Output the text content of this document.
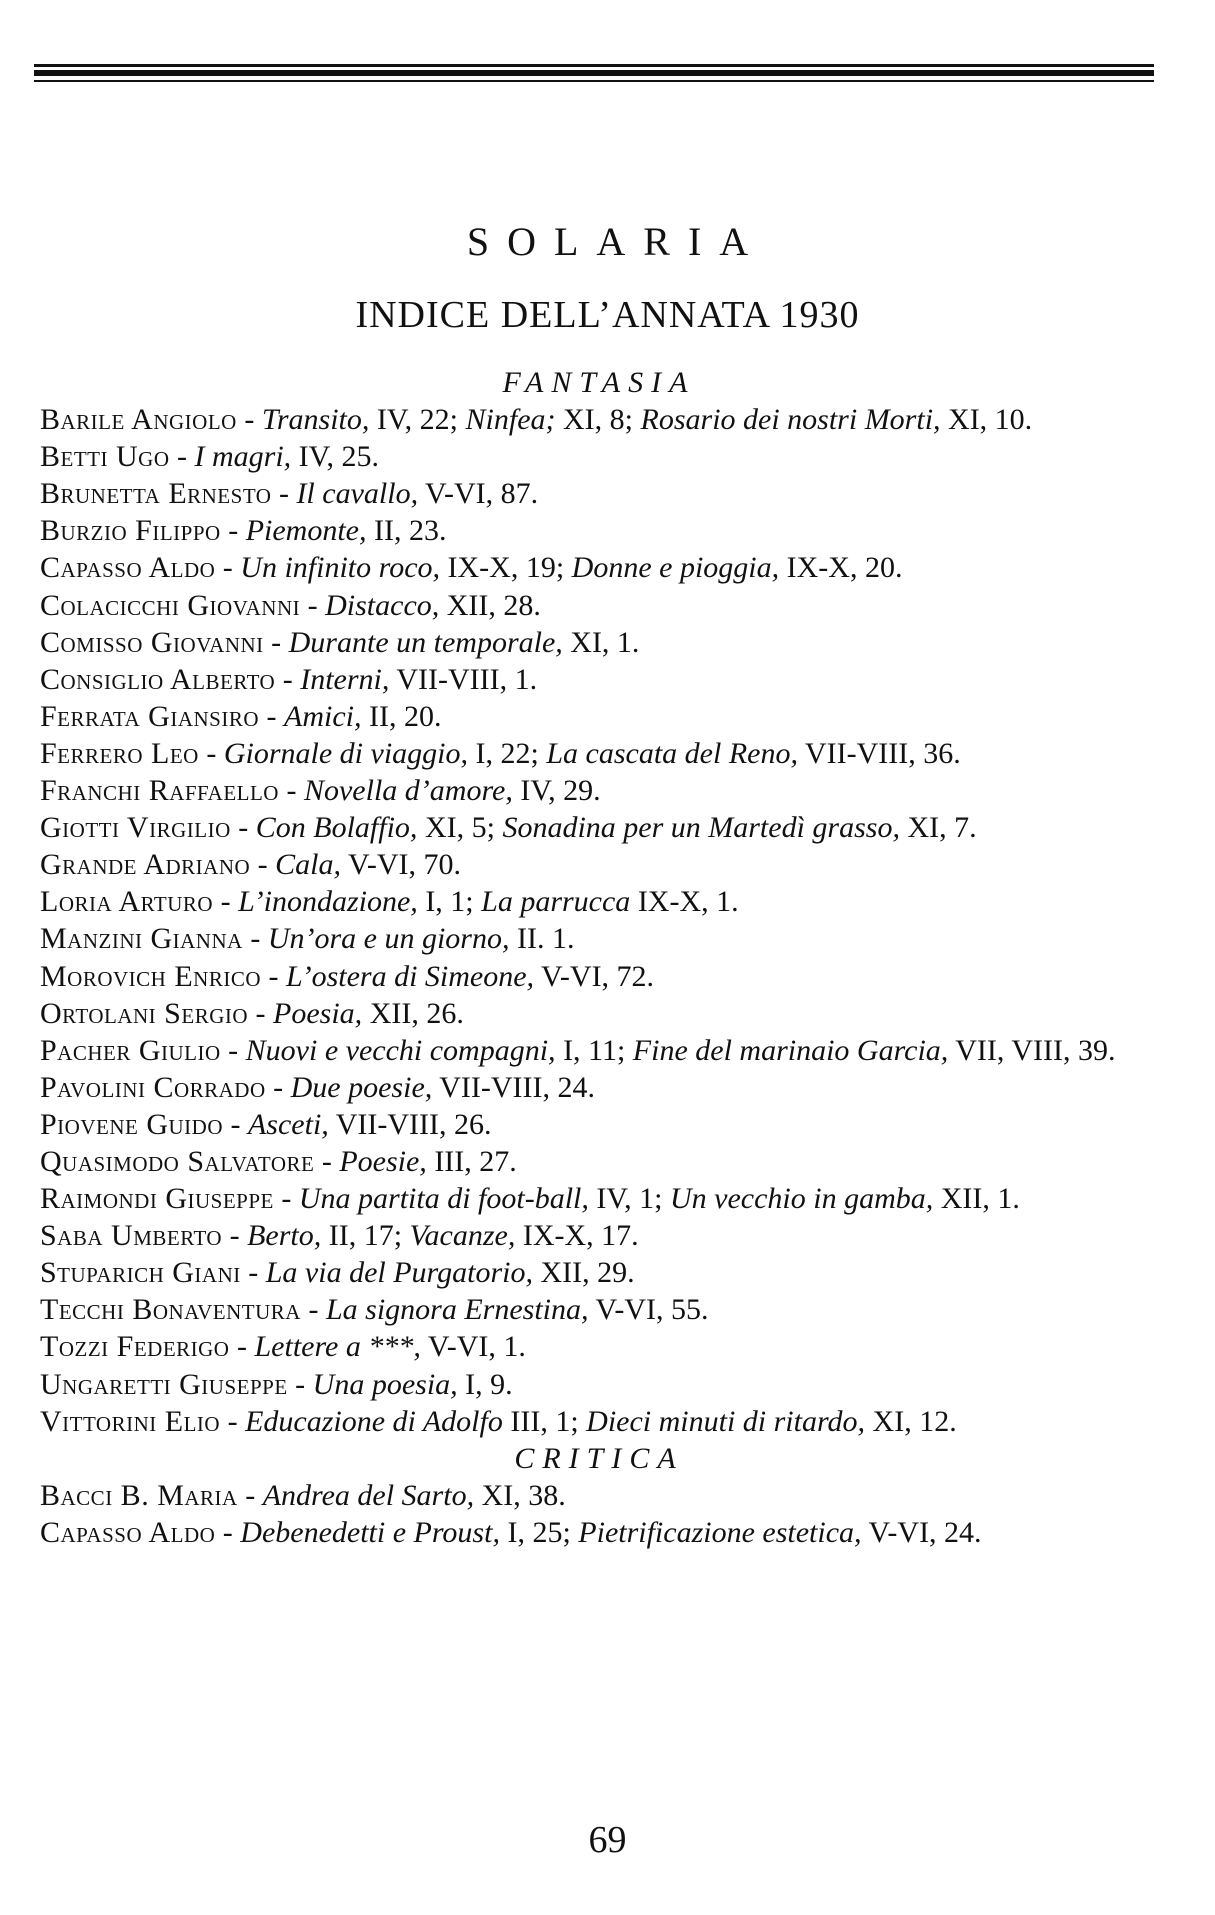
SOLARIA
INDICE DELL’ANNATA 1930
FANTASIA
Barile Angiolo - Transito, IV, 22; Ninfea; XI, 8; Rosario dei nostri Morti, XI, 10.
Betti Ugo - I magri, IV, 25.
Brunetta Ernesto - Il cavallo, V-VI, 87.
Burzio Filippo - Piemonte, II, 23.
Capasso Aldo - Un infinito roco, IX-X, 19; Donne e pioggia, IX-X, 20.
Colacicchi Giovanni - Distacco, XII, 28.
Comisso Giovanni - Durante un temporale, XI, 1.
Consiglio Alberto - Interni, VII-VIII, 1.
Ferrata Giansiro - Amici, II, 20.
Ferrero Leo - Giornale di viaggio, I, 22; La cascata del Reno, VII-VIII, 36.
Franchi Raffaello - Novella d’amore, IV, 29.
Giotti Virgilio - Con Bolaffio, XI, 5; Sonadina per un Martedì grasso, XI, 7.
Grande Adriano - Cala, V-VI, 70.
Loria Arturo - L’inondazione, I, 1; La parrucca IX-X, 1.
Manzini Gianna - Un’ora e un giorno, II. 1.
Morovich Enrico - L’ostera di Simeone, V-VI, 72.
Ortolani Sergio - Poesia, XII, 26.
Pacher Giulio - Nuovi e vecchi compagni, I, 11; Fine del marinaio Garcia, VII, VIII, 39.
Pavolini Corrado - Due poesie, VII-VIII, 24.
Piovene Guido - Asceti, VII-VIII, 26.
Quasimodo Salvatore - Poesie, III, 27.
Raimondi Giuseppe - Una partita di foot-ball, IV, 1; Un vecchio in gamba, XII, 1.
Saba Umberto - Berto, II, 17; Vacanze, IX-X, 17.
Stuparich Giani - La via del Purgatorio, XII, 29.
Tecchi Bonaventura - La signora Ernestina, V-VI, 55.
Tozzi Federigo - Lettere a ***, V-VI, 1.
Ungaretti Giuseppe - Una poesia, I, 9.
Vittorini Elio - Educazione di Adolfo III, 1; Dieci minuti di ritardo, XI, 12.
CRITICA
Bacci B. Maria - Andrea del Sarto, XI, 38.
Capasso Aldo - Debenedetti e Proust, I, 25; Pietrificazione estetica, V-VI, 24.
69
